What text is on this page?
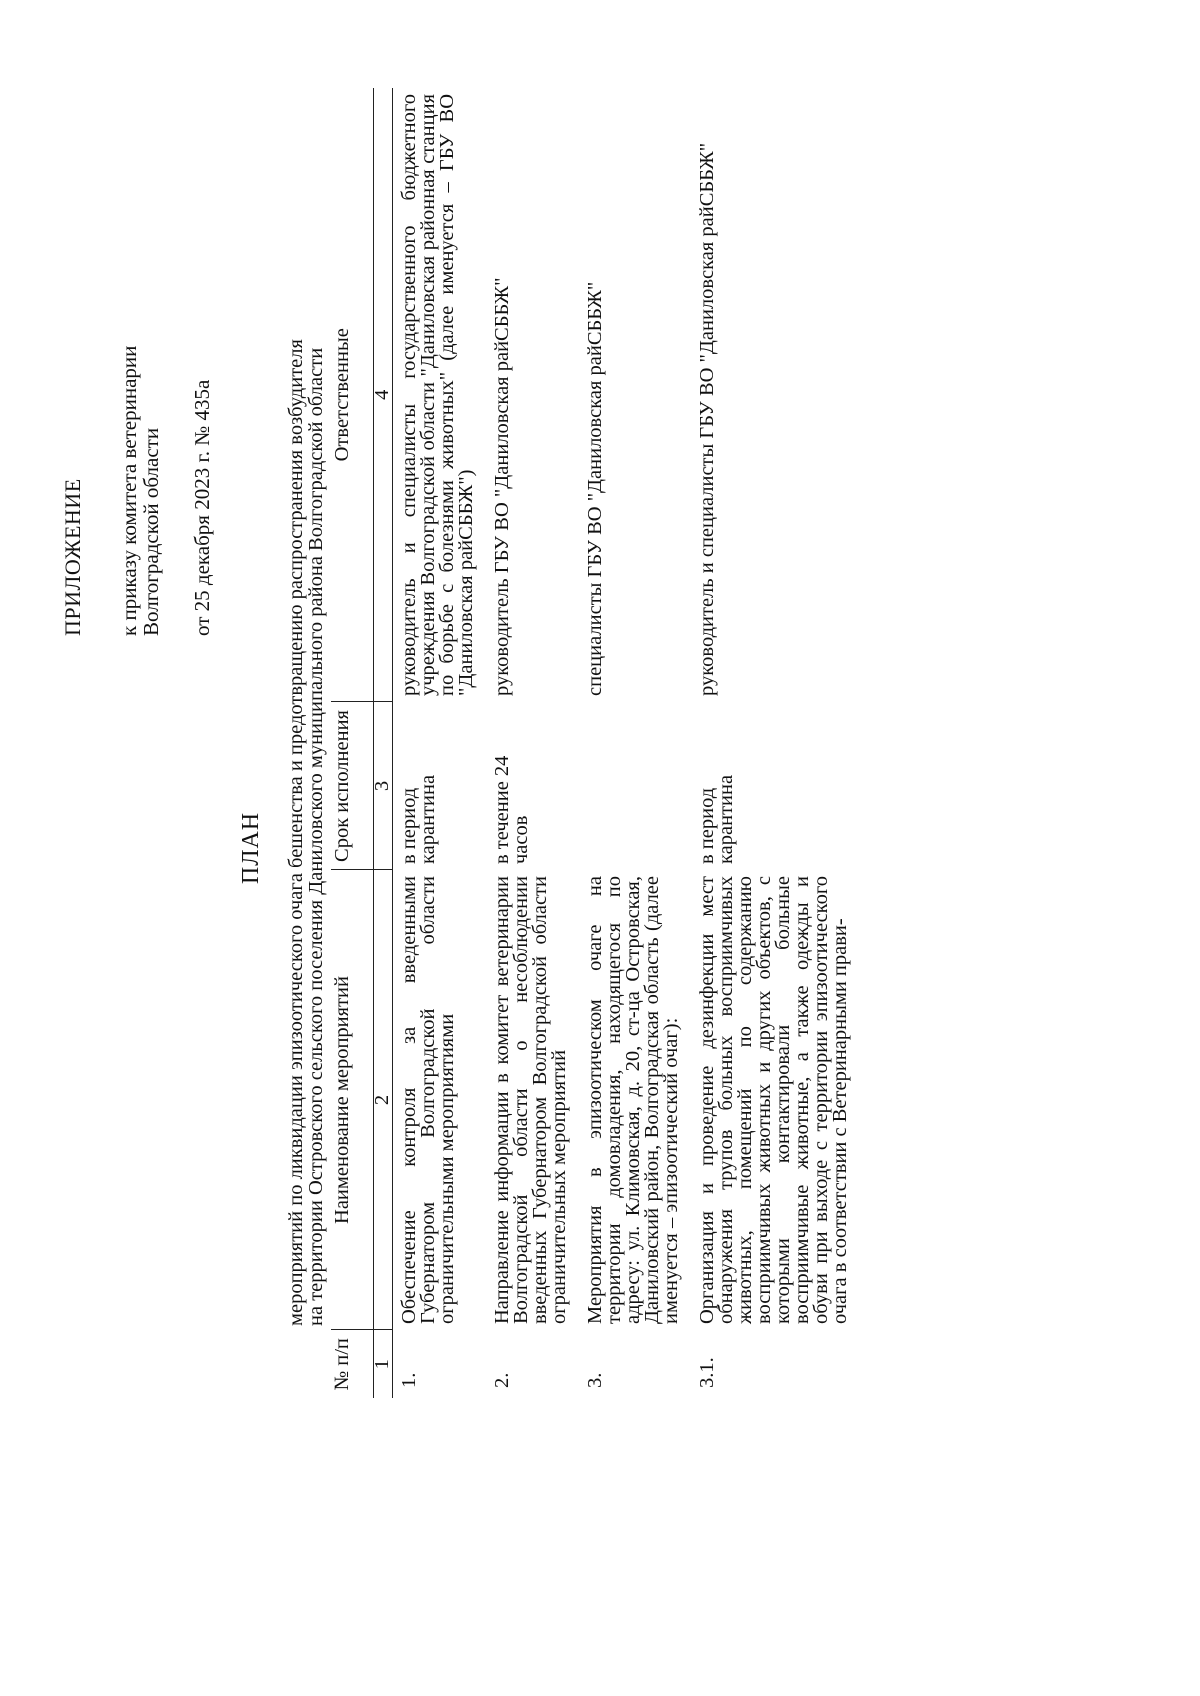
ПРИЛОЖЕНИЕ к приказу комитета ветеринарии Волгоградской области от 25 декабря 2023 г. № 435а
ПЛАН мероприятий по ликвидации эпизоотического очага бешенства и предотвращению распространения возбудителя
на территории Островского сельского поселения Даниловского муниципального района Волгоградской области
№ п/п	Наименование мероприятий	Срок исполнения	Ответственные
1	2	3	4
1.	Обеспечение контроля за введенными Губернатором Волгоградской области ограничительными мероприятиями	в период карантина	руководитель и специалисты государственного бюджетного учреждения Волгоградской области "Даниловская районная станция по борьбе с болезнями животных" (далее именуется – ГБУ ВО "Даниловская райСББЖ")
2.	Направление информации в комитет ветеринарии Волгоградской области о несоблюдении введенных Губернатором Волгоградской области ограничительных мероприятий	в течение 24 часов	руководитель ГБУ ВО "Даниловская райСББЖ"
3.	Мероприятия в эпизоотическом очаге на территории домовладения, находящегося по адресу: ул. Климовская, д. 20, ст-ца Островская, Даниловский район, Волгоградская область (далее именуется – эпизоотический очаг):		специалисты ГБУ ВО "Даниловская райСББЖ"
3.1.	Организация и проведение дезинфекции мест обнаружения трупов больных восприимчивых животных, помещений по содержанию восприимчивых животных и других объектов, с которыми контактировали больные восприимчивые животные, а также одежды и обуви при выходе с территории эпизоотического очага в соответствии с Ветеринарными прави-	в период карантина	руководитель и специалисты ГБУ ВО "Даниловская райСББЖ"
